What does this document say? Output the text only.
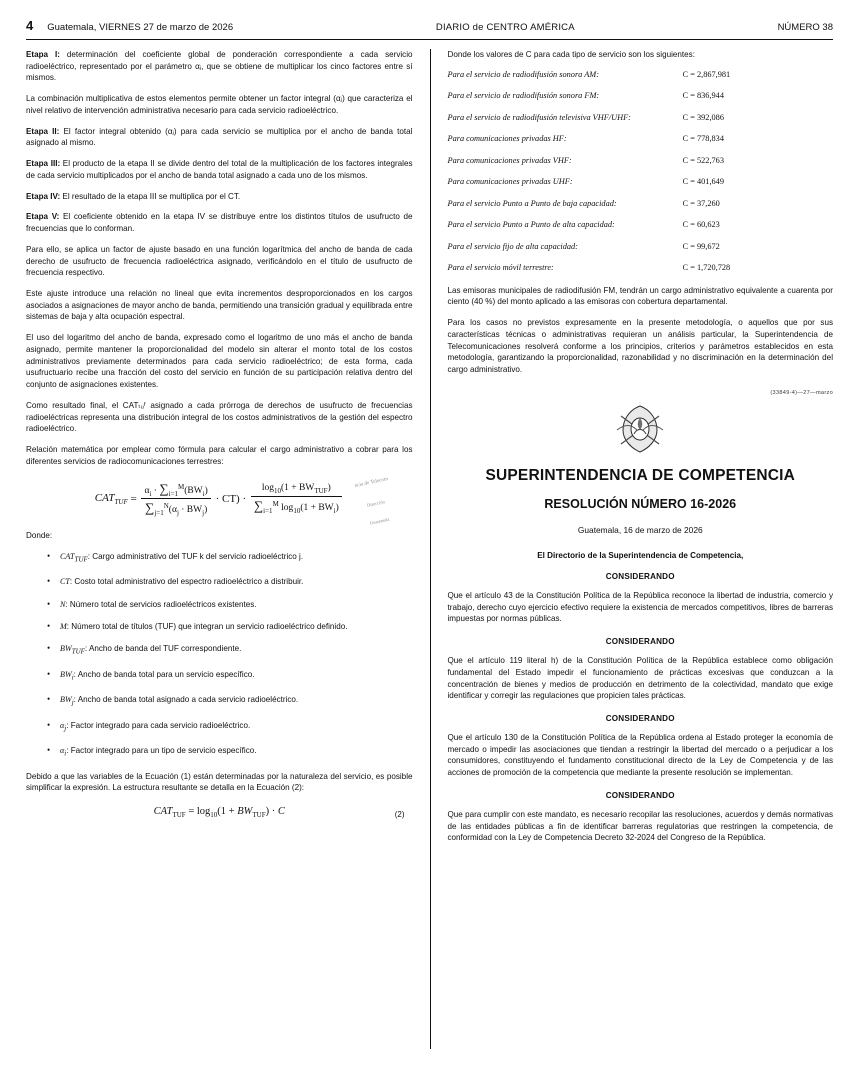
4 Guatemala, VIERNES 27 de marzo de 2026	DIARIO de CENTRO AMÉRICA	NÚMERO 38

Etapa I: determinación del coeficiente global de ponderación correspondiente a cada servicio radioeléctrico, representado por el parámetro αⱼ, que se obtiene de multiplicar los cinco factores entre sí mismos.

La combinación multiplicativa de estos elementos permite obtener un factor integral (αⱼ) que caracteriza el nivel relativo de intervención administrativa necesario para cada servicio radioeléctrico.

Etapa II: El factor integral obtenido (αⱼ) para cada servicio se multiplica por el ancho de banda total asignado al mismo.

Etapa III: El producto de la etapa II se divide dentro del total de la multiplicación de los factores integrales de cada servicio multiplicados por el ancho de banda total asignado a cada uno de los mismos.

Etapa IV: El resultado de la etapa III se multiplica por el CT.

Etapa V: El coeficiente obtenido en la etapa IV se distribuye entre los distintos títulos de usufructo de frecuencias que lo conforman.

Para ello, se aplica un factor de ajuste basado en una función logarítmica del ancho de banda de cada derecho de usufructo de frecuencia radioeléctrica asignado, verificándolo en el título de usufructo de frecuencia respectivo.

Este ajuste introduce una relación no lineal que evita incrementos desproporcionados en los cargos asociados a asignaciones de mayor ancho de banda, permitiendo una transición gradual y equilibrada entre sistemas de baja y alta ocupación espectral.

El uso del logaritmo del ancho de banda, expresado como el logaritmo de uno más el ancho de banda asignado, permite mantener la proporcionalidad del modelo sin alterar el monto total de los costos administrativos previamente determinados para cada servicio radioeléctrico; de esta forma, cada usufructuario recibe una fracción del costo del servicio en función de su participación relativa dentro del conjunto de asignaciones existentes.

Como resultado final, el CATₜᵤᶠ asignado a cada prórroga de derechos de usufructo de frecuencias radioeléctricas representa una distribución integral de los costos administrativos de la gestión del espectro radioeléctrico.

Relación matemática por emplear como fórmula para calcular el cargo administrativo a cobrar para los diferentes servicios de radiocomunicaciones terrestres:

$CAT_{TUF} = \frac{\alpha_i \cdot \sum_{i=1}^M(BW_i)}{\sum_{j=1}^N(\alpha_j \cdot BW_j)} \cdot CT) \cdot \frac{\log_{10}(1 + BW_{TUF})}{\sum_{i=1}^M \log_{10}(1 + BW_i)}$
ncia de Telecom
Dirección
Guatemala

Donde:

• $CAT_{TUF}$: Cargo administrativo del TUF k del servicio radioeléctrico j.
• CT: Costo total administrativo del espectro radioeléctrico a distribuir.
• N: Número total de servicios radioeléctricos existentes.
• M: Número total de títulos (TUF) que integran un servicio radioeléctrico definido.
• $BW_{TUF}$: Ancho de banda del TUF correspondiente.
• $BW_i$: Ancho de banda total para un servicio específico.
• $BW_j$: Ancho de banda total asignado a cada servicio radioeléctrico.
• $\alpha_j$: Factor integrado para cada servicio radioeléctrico.
• $\alpha_i$: Factor integrado para un tipo de servicio específico.

Debido a que las variables de la Ecuación (1) están determinadas por la naturaleza del servicio, es posible simplificar la expresión. La estructura resultante se detalla en la Ecuación (2):

$CAT_{TUF} = \log_{10}(1 + BW_{TUF}) \cdot C$	(2)

Donde los valores de C para cada tipo de servicio son los siguientes:

Para el servicio de radiodifusión sonora AM:	C = 2,867,981
Para el servicio de radiodifusión sonora FM:	C = 836,944
Para el servicio de radiodifusión televisiva VHF/UHF:	C = 392,086
Para comunicaciones privadas HF:	C = 778,834
Para comunicaciones privadas VHF:	C = 522,763
Para comunicaciones privadas UHF:	C = 401,649
Para el servicio Punto a Punto de baja capacidad:	C = 37,260
Para el servicio Punto a Punto de alta capacidad:	C = 60,623
Para el servicio fijo de alta capacidad:	C = 99,672
Para el servicio móvil terrestre:	C = 1,720,728

Las emisoras municipales de radiodifusión FM, tendrán un cargo administrativo equivalente a cuarenta por ciento (40 %) del monto aplicado a las emisoras con cobertura departamental.

Para los casos no previstos expresamente en la presente metodología, o aquellos que por sus características técnicas o administrativas requieran un análisis particular, la Superintendencia de Telecomunicaciones resolverá conforme a los principios, criterios y parámetros establecidos en esta metodología, garantizando la proporcionalidad, razonabilidad y no discriminación en la determinación del cargo administrativo.

(33849-4)—27—marzo
SUPERINTENDENCIA DE COMPETENCIA
RESOLUCIÓN NÚMERO 16-2026
Guatemala, 16 de marzo de 2026
El Directorio de la Superintendencia de Competencia,
CONSIDERANDO

Que el artículo 43 de la Constitución Política de la República reconoce la libertad de industria, comercio y trabajo, derecho cuyo ejercicio efectivo requiere la existencia de mercados competitivos, libres de barreras impuestas por normas públicas.

CONSIDERANDO

Que el artículo 119 literal h) de la Constitución Política de la República establece como obligación fundamental del Estado impedir el funcionamiento de prácticas excesivas que conduzcan a la concentración de bienes y medios de producción en detrimento de la colectividad, mandato que exige identificar y corregir las regulaciones que propicien tales prácticas.

CONSIDERANDO

Que el artículo 130 de la Constitución Política de la República ordena al Estado proteger la economía de mercado o impedir las asociaciones que tiendan a restringir la libertad del mercado o a perjudicar a los consumidores, constituyendo el fundamento constitucional directo de la Ley de Competencia y de las acciones de promoción de la competencia que mediante la presente resolución se implementan.

CONSIDERANDO

Que para cumplir con este mandato, es necesario recopilar las resoluciones, acuerdos y demás normativas de las entidades públicas a fin de identificar barreras regulatorias que restringen la competencia, de conformidad con la Ley de Competencia Decreto 32-2024 del Congreso de la República.
